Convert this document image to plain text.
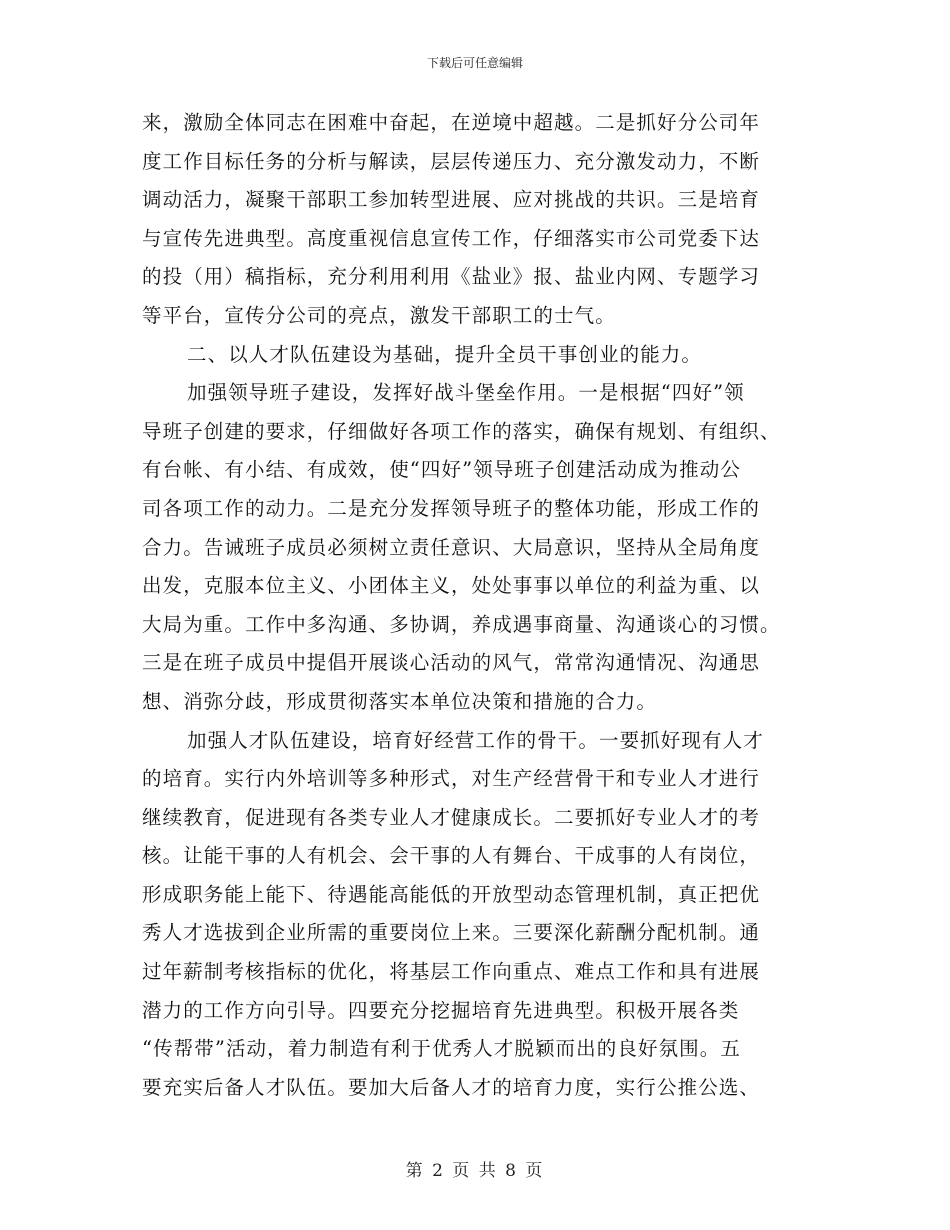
下载后可任意编辑
来，激励全体同志在困难中奋起，在逆境中超越。二是抓好分公司年
度工作目标任务的分析与解读，层层传递压力、充分激发动力，不断
调动活力，凝聚干部职工参加转型进展、应对挑战的共识。三是培育
与宣传先进典型。高度重视信息宣传工作，仔细落实市公司党委下达
的投（用）稿指标，充分利用利用《盐业》报、盐业内网、专题学习
等平台，宣传分公司的亮点，激发干部职工的士气。
二、以人才队伍建设为基础，提升全员干事创业的能力。
加强领导班子建设，发挥好战斗堡垒作用。一是根据“四好”领
导班子创建的要求，仔细做好各项工作的落实，确保有规划、有组织、
有台帐、有小结、有成效，使“四好”领导班子创建活动成为推动公
司各项工作的动力。二是充分发挥领导班子的整体功能，形成工作的
合力。告诫班子成员必须树立责任意识、大局意识，坚持从全局角度
出发，克服本位主义、小团体主义，处处事事以单位的利益为重、以
大局为重。工作中多沟通、多协调，养成遇事商量、沟通谈心的习惯。
三是在班子成员中提倡开展谈心活动的风气，常常沟通情况、沟通思
想、消弥分歧，形成贯彻落实本单位决策和措施的合力。
加强人才队伍建设，培育好经营工作的骨干。一要抓好现有人才
的培育。实行内外培训等多种形式，对生产经营骨干和专业人才进行
继续教育，促进现有各类专业人才健康成长。二要抓好专业人才的考
核。让能干事的人有机会、会干事的人有舞台、干成事的人有岗位，
形成职务能上能下、待遇能高能低的开放型动态管理机制，真正把优
秀人才选拔到企业所需的重要岗位上来。三要深化薪酬分配机制。通
过年薪制考核指标的优化，将基层工作向重点、难点工作和具有进展
潜力的工作方向引导。四要充分挖掘培育先进典型。积极开展各类
“传帮带”活动，着力制造有利于优秀人才脱颖而出的良好氛围。五
要充实后备人才队伍。要加大后备人才的培育力度，实行公推公选、
第 2 页 共 8 页
